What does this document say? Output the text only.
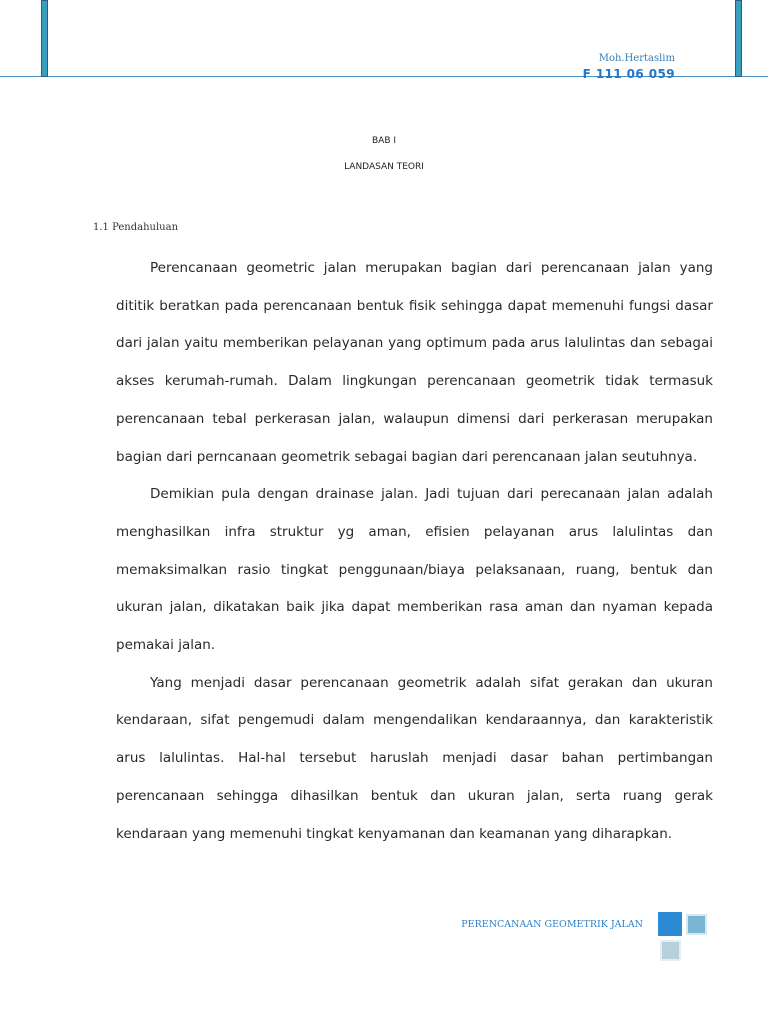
Moh.Hertaslim
F 111 06 059
BAB I
LANDASAN TEORI
1.1 Pendahuluan

Perencanaan geometric jalan merupakan bagian dari perencanaan jalan yang dititik beratkan pada perencanaan bentuk fisik sehingga dapat memenuhi fungsi dasar dari jalan yaitu memberikan pelayanan yang optimum pada arus lalulintas dan sebagai akses kerumah-rumah. Dalam lingkungan perencanaan geometrik tidak termasuk perencanaan tebal perkerasan jalan, walaupun dimensi dari perkerasan merupakan bagian dari perncanaan geometrik sebagai bagian dari perencanaan jalan seutuhnya.

Demikian pula dengan drainase jalan. Jadi tujuan dari perecanaan jalan adalah menghasilkan infra struktur yg aman, efisien pelayanan arus lalulintas dan memaksimalkan rasio tingkat penggunaan/biaya pelaksanaan, ruang, bentuk dan ukuran jalan, dikatakan baik jika dapat memberikan rasa aman dan nyaman kepada pemakai jalan.

Yang menjadi dasar perencanaan geometrik adalah sifat gerakan dan ukuran kendaraan, sifat pengemudi dalam mengendalikan kendaraannya, dan karakteristik arus lalulintas. Hal-hal tersebut haruslah menjadi dasar bahan pertimbangan perencanaan sehingga dihasilkan bentuk dan ukuran jalan, serta ruang gerak kendaraan yang memenuhi tingkat kenyamanan dan keamanan yang diharapkan.

PERENCANAAN GEOMETRIK JALAN
